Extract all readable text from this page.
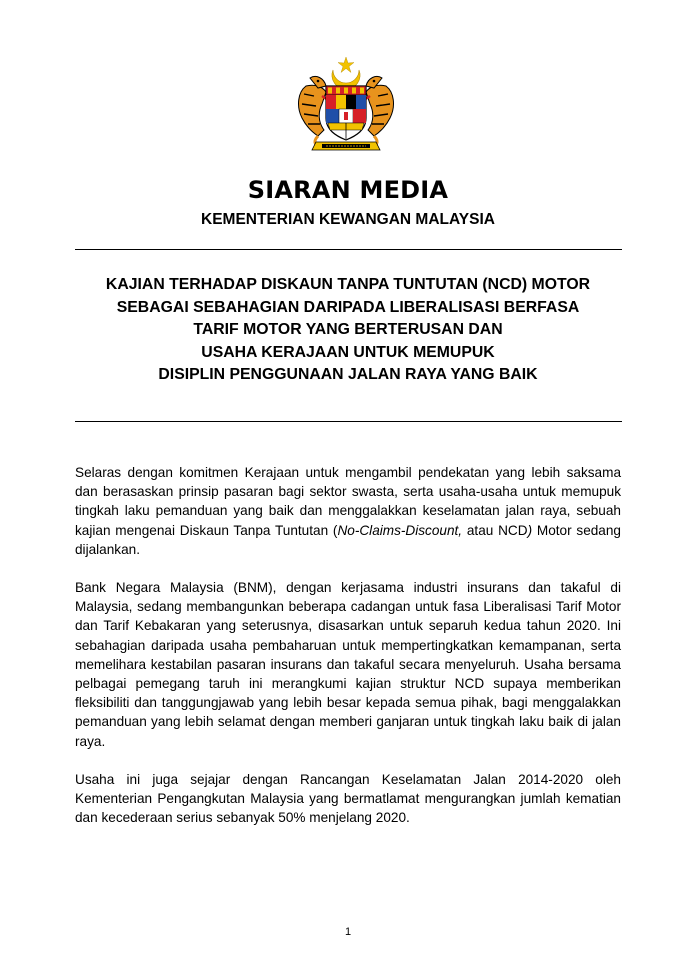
SIARAN MEDIA
KEMENTERIAN KEWANGAN MALAYSIA
KAJIAN TERHADAP DISKAUN TANPA TUNTUTAN (NCD) MOTOR
SEBAGAI SEBAHAGIAN DARIPADA LIBERALISASI BERFASA
TARIF MOTOR YANG BERTERUSAN DAN
USAHA KERAJAAN UNTUK MEMUPUK
DISIPLIN PENGGUNAAN JALAN RAYA YANG BAIK

Selaras dengan komitmen Kerajaan untuk mengambil pendekatan yang lebih saksama dan berasaskan prinsip pasaran bagi sektor swasta, serta usaha-usaha untuk memupuk tingkah laku pemanduan yang baik dan menggalakkan keselamatan jalan raya, sebuah kajian mengenai Diskaun Tanpa Tuntutan (No-Claims-Discount, atau NCD) Motor sedang dijalankan.

Bank Negara Malaysia (BNM), dengan kerjasama industri insurans dan takaful di Malaysia, sedang membangunkan beberapa cadangan untuk fasa Liberalisasi Tarif Motor dan Tarif Kebakaran yang seterusnya, disasarkan untuk separuh kedua tahun 2020. Ini sebahagian daripada usaha pembaharuan untuk mempertingkatkan kemampanan, serta memelihara kestabilan pasaran insurans dan takaful secara menyeluruh. Usaha bersama pelbagai pemegang taruh ini merangkumi kajian struktur NCD supaya memberikan fleksibiliti dan tanggungjawab yang lebih besar kepada semua pihak, bagi menggalakkan pemanduan yang lebih selamat dengan memberi ganjaran untuk tingkah laku baik di jalan raya.

Usaha ini juga sejajar dengan Rancangan Keselamatan Jalan 2014-2020 oleh Kementerian Pengangkutan Malaysia yang bermatlamat mengurangkan jumlah kematian dan kecederaan serius sebanyak 50% menjelang 2020.

1
